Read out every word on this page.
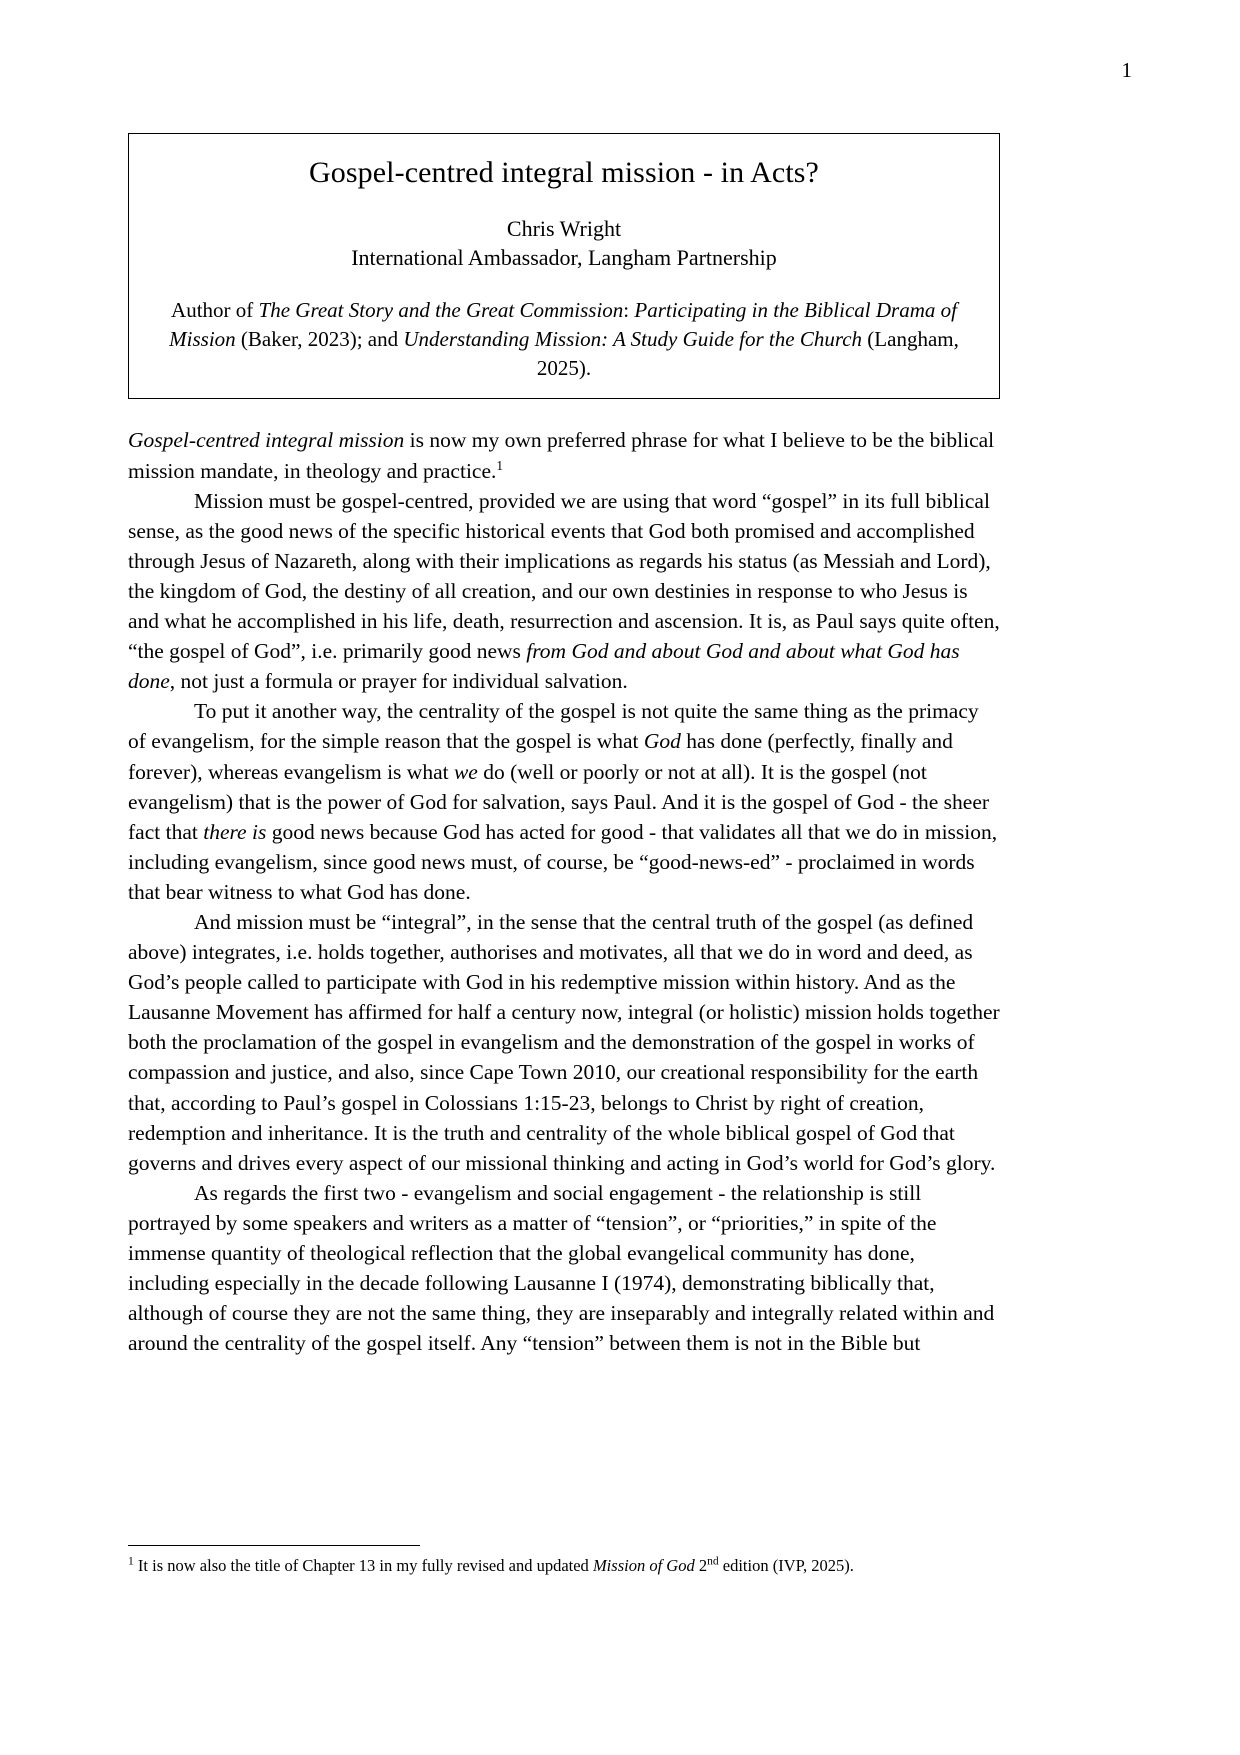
1
Gospel-centred integral mission - in Acts?
Chris Wright
International Ambassador, Langham Partnership
Author of The Great Story and the Great Commission: Participating in the Biblical Drama of Mission (Baker, 2023); and Understanding Mission: A Study Guide for the Church (Langham, 2025).

Gospel-centred integral mission is now my own preferred phrase for what I believe to be the biblical mission mandate, in theology and practice.$^1$

Mission must be gospel-centred, provided we are using that word “gospel” in its full biblical sense, as the good news of the specific historical events that God both promised and accomplished through Jesus of Nazareth, along with their implications as regards his status (as Messiah and Lord), the kingdom of God, the destiny of all creation, and our own destinies in response to who Jesus is and what he accomplished in his life, death, resurrection and ascension. It is, as Paul says quite often, “the gospel of God”, i.e. primarily good news from God and about God and about what God has done, not just a formula or prayer for individual salvation.

To put it another way, the centrality of the gospel is not quite the same thing as the primacy of evangelism, for the simple reason that the gospel is what God has done (perfectly, finally and forever), whereas evangelism is what we do (well or poorly or not at all). It is the gospel (not evangelism) that is the power of God for salvation, says Paul. And it is the gospel of God - the sheer fact that there is good news because God has acted for good - that validates all that we do in mission, including evangelism, since good news must, of course, be “good-news-ed” - proclaimed in words that bear witness to what God has done.

And mission must be “integral”, in the sense that the central truth of the gospel (as defined above) integrates, i.e. holds together, authorises and motivates, all that we do in word and deed, as God’s people called to participate with God in his redemptive mission within history. And as the Lausanne Movement has affirmed for half a century now, integral (or holistic) mission holds together both the proclamation of the gospel in evangelism and the demonstration of the gospel in works of compassion and justice, and also, since Cape Town 2010, our creational responsibility for the earth that, according to Paul’s gospel in Colossians 1:15-23, belongs to Christ by right of creation, redemption and inheritance. It is the truth and centrality of the whole biblical gospel of God that governs and drives every aspect of our missional thinking and acting in God’s world for God’s glory.

As regards the first two - evangelism and social engagement - the relationship is still portrayed by some speakers and writers as a matter of “tension”, or “priorities,” in spite of the immense quantity of theological reflection that the global evangelical community has done, including especially in the decade following Lausanne I (1974), demonstrating biblically that, although of course they are not the same thing, they are inseparably and integrally related within and around the centrality of the gospel itself. Any “tension” between them is not in the Bible but

$^1$ It is now also the title of Chapter 13 in my fully revised and updated Mission of God 2nd edition (IVP, 2025).
